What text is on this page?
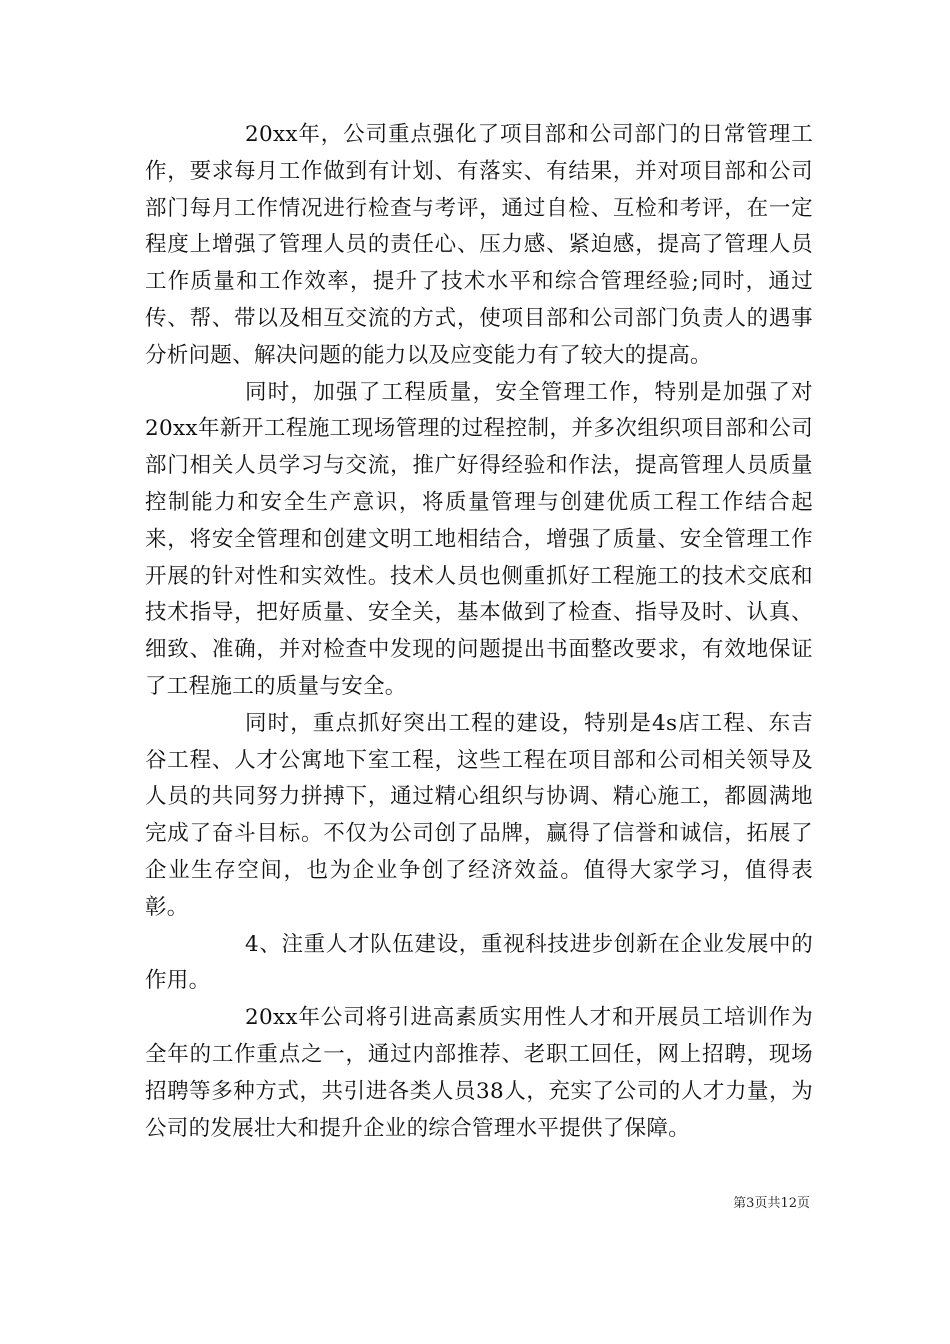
20xx年，公司重点强化了项目部和公司部门的日常管理工作，要求每月工作做到有计划、有落实、有结果，并对项目部和公司部门每月工作情况进行检查与考评，通过自检、互检和考评，在一定程度上增强了管理人员的责任心、压力感、紧迫感，提高了管理人员工作质量和工作效率，提升了技术水平和综合管理经验;同时，通过传、帮、带以及相互交流的方式，使项目部和公司部门负责人的遇事分析问题、解决问题的能力以及应变能力有了较大的提高。

同时，加强了工程质量，安全管理工作，特别是加强了对20xx年新开工程施工现场管理的过程控制，并多次组织项目部和公司部门相关人员学习与交流，推广好得经验和作法，提高管理人员质量控制能力和安全生产意识，将质量管理与创建优质工程工作结合起来，将安全管理和创建文明工地相结合，增强了质量、安全管理工作开展的针对性和实效性。技术人员也侧重抓好工程施工的技术交底和技术指导，把好质量、安全关，基本做到了检查、指导及时、认真、细致、准确，并对检查中发现的问题提出书面整改要求，有效地保证了工程施工的质量与安全。

同时，重点抓好突出工程的建设，特别是4s店工程、东吉谷工程、人才公寓地下室工程，这些工程在项目部和公司相关领导及人员的共同努力拼搏下，通过精心组织与协调、精心施工，都圆满地完成了奋斗目标。不仅为公司创了品牌，赢得了信誉和诚信，拓展了企业生存空间，也为企业争创了经济效益。值得大家学习，值得表彰。

4、注重人才队伍建设，重视科技进步创新在企业发展中的作用。

20xx年公司将引进高素质实用性人才和开展员工培训作为全年的工作重点之一，通过内部推荐、老职工回任，网上招聘，现场招聘等多种方式，共引进各类人员38人，充实了公司的人才力量，为公司的发展壮大和提升企业的综合管理水平提供了保障。

第3页共12页
